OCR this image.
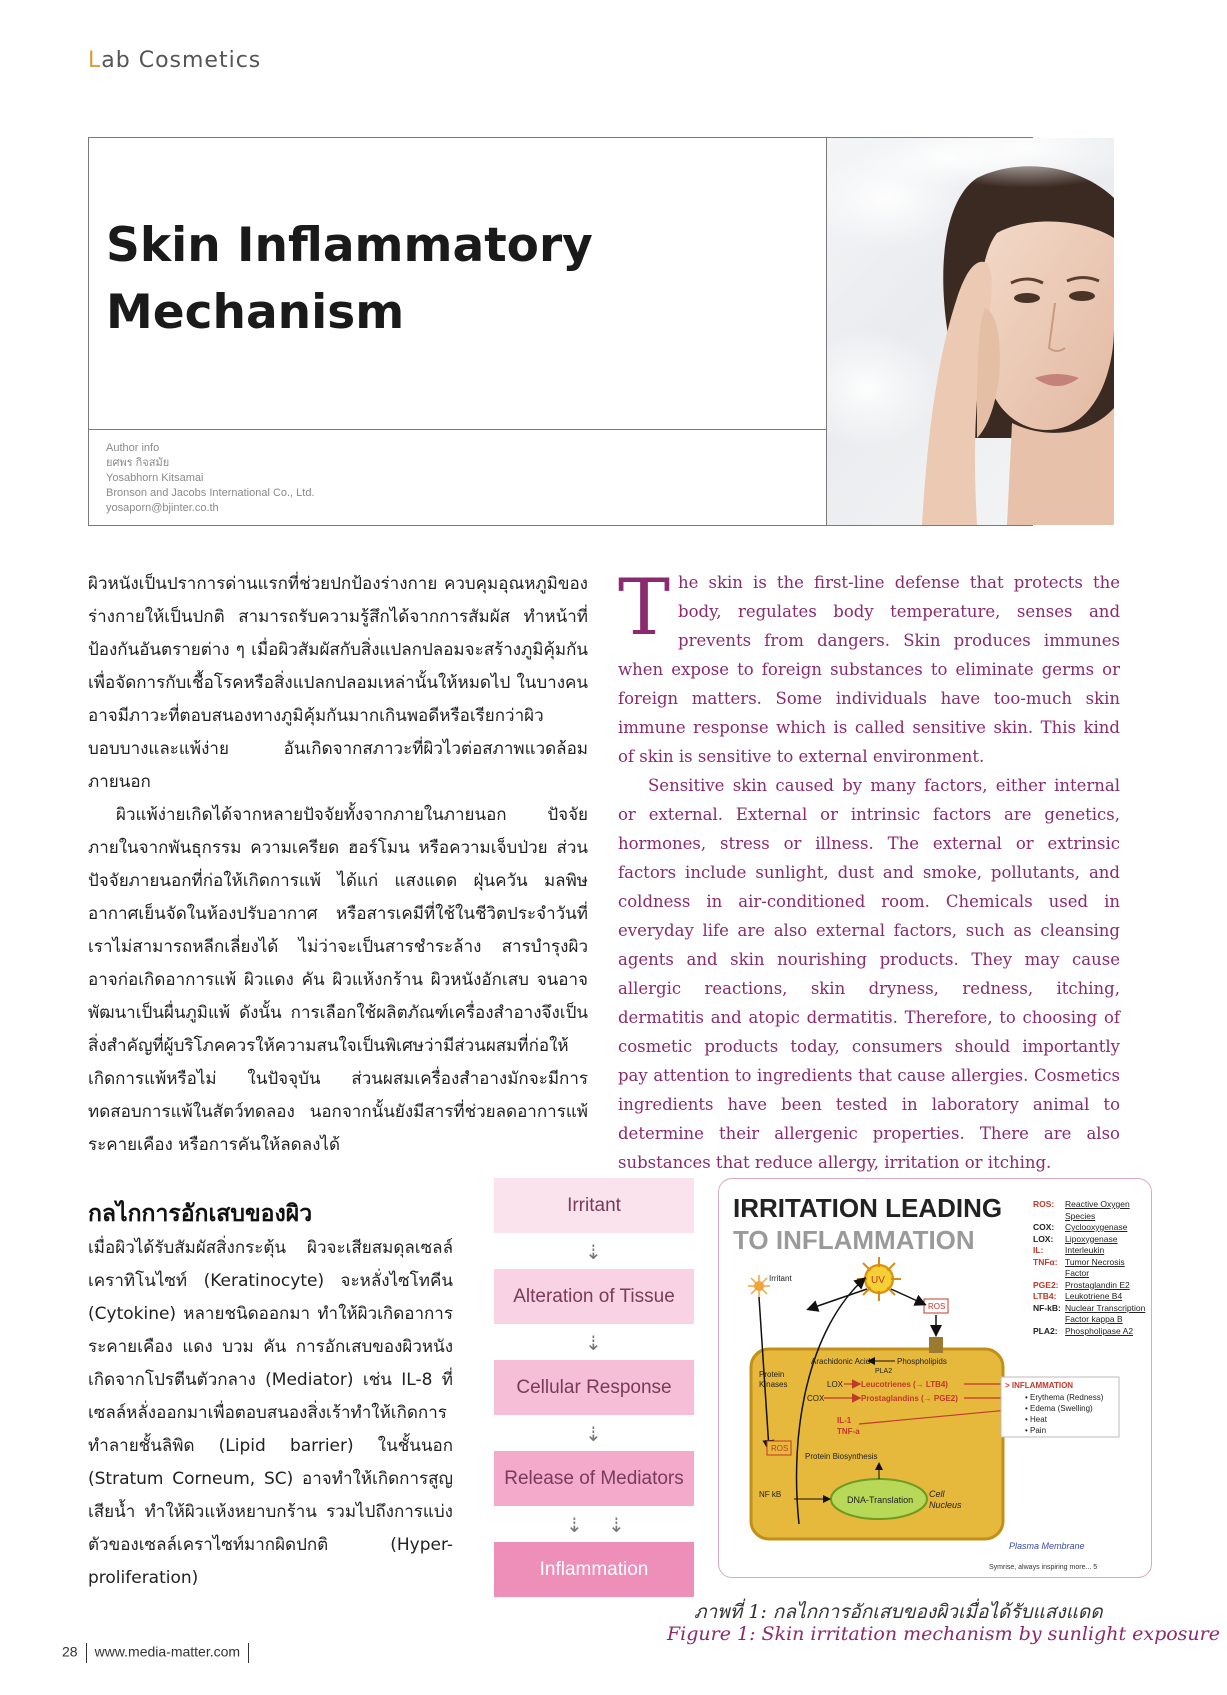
Lab Cosmetics
Skin Inflammatory
Mechanism
Author info
ยศพร กิจสมัย
Yosabhorn Kitsamai
Bronson and Jacobs International Co., Ltd.
yosaporn@bjinter.co.th

ผิวหนังเป็นปราการด่านแรกที่ช่วยปกป้องร่างกาย ควบคุมอุณหภูมิของร่างกายให้เป็นปกติ สามารถรับความรู้สึกได้จากการสัมผัส ทำหน้าที่ป้องกันอันตรายต่าง ๆ เมื่อผิวสัมผัสกับสิ่งแปลกปลอมจะสร้างภูมิคุ้มกันเพื่อจัดการกับเชื้อโรคหรือสิ่งแปลกปลอมเหล่านั้นให้หมดไป ในบางคนอาจมีภาวะที่ตอบสนองทางภูมิคุ้มกันมากเกินพอดีหรือเรียกว่าผิวบอบบางและแพ้ง่าย อันเกิดจากสภาวะที่ผิวไวต่อสภาพแวดล้อมภายนอก

ผิวแพ้ง่ายเกิดได้จากหลายปัจจัยทั้งจากภายในภายนอก ปัจจัยภายในจากพันธุกรรม ความเครียด ฮอร์โมน หรือความเจ็บป่วย ส่วนปัจจัยภายนอกที่ก่อให้เกิดการแพ้ ได้แก่ แสงแดด ฝุ่นควัน มลพิษ อากาศเย็นจัดในห้องปรับอากาศ หรือสารเคมีที่ใช้ในชีวิตประจำวันที่เราไม่สามารถหลีกเลี่ยงได้ ไม่ว่าจะเป็นสารชำระล้าง สารบำรุงผิว อาจก่อเกิดอาการแพ้ ผิวแดง คัน ผิวแห้งกร้าน ผิวหนังอักเสบ จนอาจพัฒนาเป็นผื่นภูมิแพ้ ดังนั้น การเลือกใช้ผลิตภัณฑ์เครื่องสำอางจึงเป็นสิ่งสำคัญที่ผู้บริโภคควรให้ความสนใจเป็นพิเศษว่ามีส่วนผสมที่ก่อให้เกิดการแพ้หรือไม่ ในปัจจุบัน ส่วนผสมเครื่องสำอางมักจะมีการทดสอบการแพ้ในสัตว์ทดลอง นอกจากนั้นยังมีสารที่ช่วยลดอาการแพ้ ระคายเคือง หรือการคันให้ลดลงได้

The skin is the first-line defense that protects the body, regulates body temperature, senses and prevents from dangers. Skin produces immunes when expose to foreign substances to eliminate germs or foreign matters. Some individuals have too-much skin immune response which is called sensitive skin. This kind of skin is sensitive to external environment.

Sensitive skin caused by many factors, either internal or external. External or intrinsic factors are genetics, hormones, stress or illness. The external or extrinsic factors include sunlight, dust and smoke, pollutants, and coldness in air-conditioned room. Chemicals used in everyday life are also external factors, such as cleansing agents and skin nourishing products. They may cause allergic reactions, skin dryness, redness, itching, dermatitis and atopic dermatitis. Therefore, to choosing of cosmetic products today, consumers should importantly pay attention to ingredients that cause allergies. Cosmetics ingredients have been tested in laboratory animal to determine their allergenic properties. There are also substances that reduce allergy, irritation or itching.

กลไกการอักเสบของผิว
เมื่อผิวได้รับสัมผัสสิ่งกระตุ้น ผิวจะเสียสมดุลเซลล์เคราทิโนไซท์ (Keratinocyte) จะหลั่งไซโทคีน (Cytokine) หลายชนิดออกมา ทำให้ผิวเกิดอาการระคายเคือง แดง บวม คัน การอักเสบของผิวหนังเกิดจากโปรตีนตัวกลาง (Mediator) เช่น IL-8 ที่เซลล์หลั่งออกมาเพื่อตอบสนองสิ่งเร้าทำให้เกิดการทำลายชั้นลิพิด (Lipid barrier) ในชั้นนอก (Stratum Corneum, SC) อาจทำให้เกิดการสูญเสียน้ำ ทำให้ผิวแห้งหยาบกร้าน รวมไปถึงการแบ่งตัวของเซลล์เคราไซท์มากผิดปกติ (Hyper-proliferation)
Irritant
⇣
Alteration of Tissue
⇣
Cellular Response
⇣
Release of Mediators
⇣ ⇣
Inflammation
IRRITATION LEADING
TO INFLAMMATION
DNA-Translation
Cell
Nucleus
Plasma Membrane
Irritant	UV
ROS
Protein
Kinases
Arachidonic Acid	Phospholipids
PLA2
LOX
COX
Leucotrienes (→ LTB4)
Prostaglandins (→ PGE2)
IL-1
TNF-a
ROS
Protein Biosynthesis
NF kB
> INFLAMMATION
• Erythema (Redness)
• Edema (Swelling)
• Heat
• Pain
Symrise, always inspiring more... 5
ROS:	Reactive Oxygen
Species
COX:	Cyclooxygenase
LOX:	Lipoxygenase
IL:	Interleukin
TNFα: Tumor Necrosis
Factor
PGE2: Prostaglandin E2
LTB4:	Leukotriene B4
NF-kB: Nuclear Transcription
Factor kappa B
PLA2: Phospholipase A2
ภาพที่ 1: กลไกการอักเสบของผิวเมื่อได้รับแสงแดด
Figure 1: Skin irritation mechanism by sunlight exposure
28 www.media-matter.com
